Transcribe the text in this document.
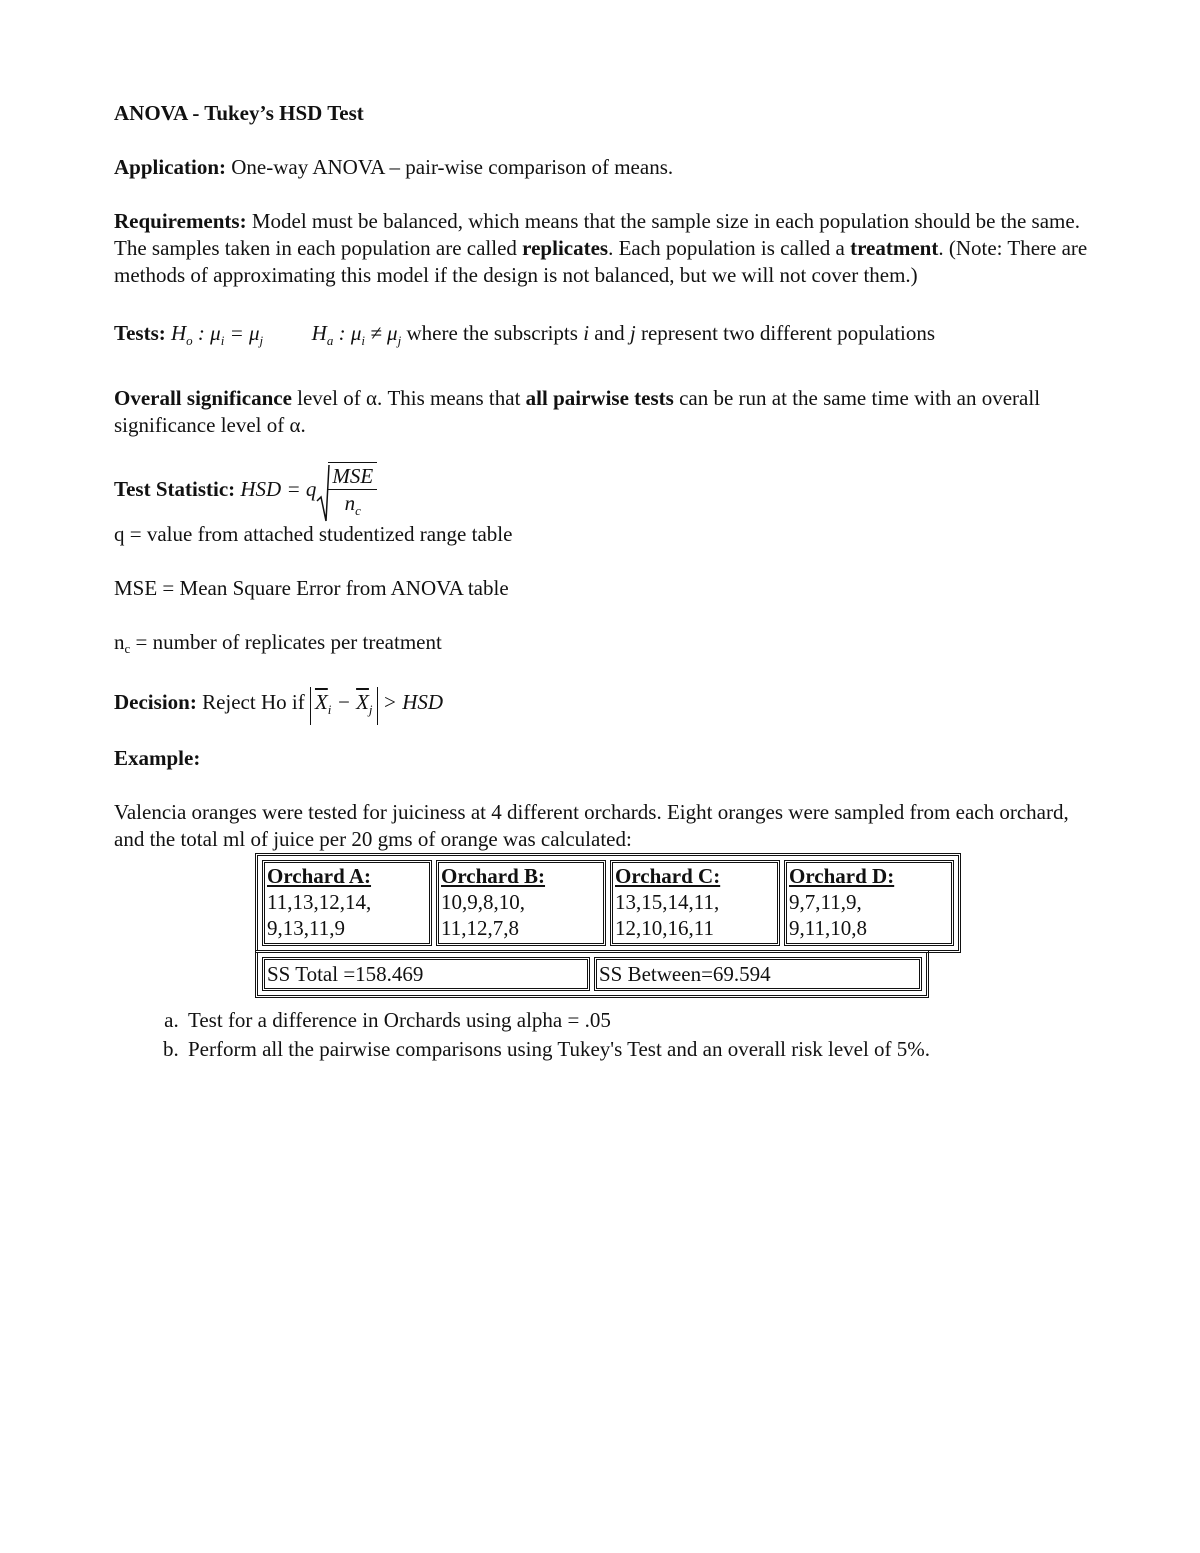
ANOVA - Tukey’s HSD Test

Application: One-way ANOVA – pair-wise comparison of means.

Requirements: Model must be balanced, which means that the sample size in each population should be the same. The samples taken in each population are called replicates. Each population is called a treatment. (Note: There are methods of approximating this model if the design is not balanced, but we will not cover them.)

Tests: $H_o$ : $\mu_i = \mu_j$ $H_a$ : $\mu_i \ne \mu_j$ where the subscripts i and j represent two different populations

Overall significance level of α. This means that all pairwise tests can be run at the same time with an overall significance level of α.

Test Statistic: HSD = q $\frac{\text{MSE}}{n_c}$

q = value from attached studentized range table

MSE = Mean Square Error from ANOVA table

nc = number of replicates per treatment

Decision: Reject Ho if $\overline{X}_i - \overline{X}_j$ > HSD

Example:

Valencia oranges were tested for juiciness at 4 different orchards. Eight oranges were sampled from each orchard, and the total ml of juice per 20 gms of orange was calculated:

Orchard A:
11,13,12,14,
9,13,11,9

Orchard B:
10,9,8,10,
11,12,7,8

Orchard C:
13,15,14,11,
12,10,16,11

Orchard D:
9,7,11,9,
9,11,10,8
SS Total =158.469	SS Between=69.594
a. Test for a difference in Orchards using alpha = .05
b. Perform all the pairwise comparisons using Tukey's Test and an overall risk level of 5%.
